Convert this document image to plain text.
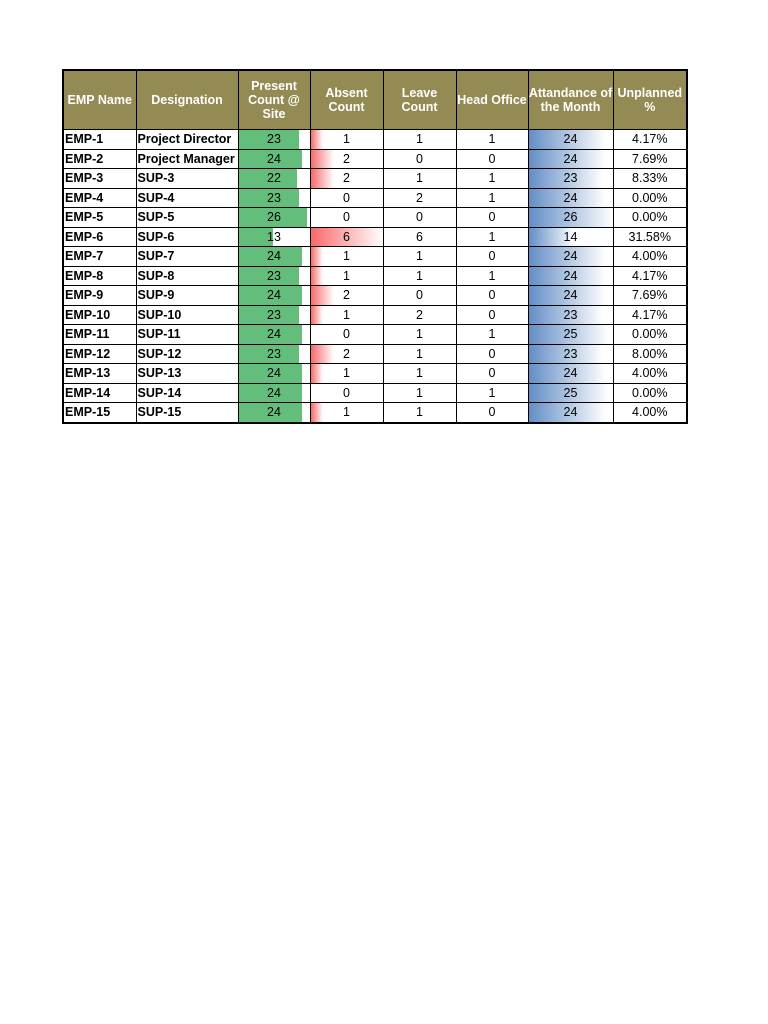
EMP Name	Designation	Present Count @ Site	Absent Count	Leave Count	Head Office	Attandance of the Month	Unplanned %
EMP-1	Project Director	23	1	1	1	24	4.17%
EMP-2	Project Manager	24	2	0	0	24	7.69%
EMP-3	SUP-3	22	2	1	1	23	8.33%
EMP-4	SUP-4	23	0	2	1	24	0.00%
EMP-5	SUP-5	26	0	0	0	26	0.00%
EMP-6	SUP-6	13	6	6	1	14	31.58%
EMP-7	SUP-7	24	1	1	0	24	4.00%
EMP-8	SUP-8	23	1	1	1	24	4.17%
EMP-9	SUP-9	24	2	0	0	24	7.69%
EMP-10	SUP-10	23	1	2	0	23	4.17%
EMP-11	SUP-11	24	0	1	1	25	0.00%
EMP-12	SUP-12	23	2	1	0	23	8.00%
EMP-13	SUP-13	24	1	1	0	24	4.00%
EMP-14	SUP-14	24	0	1	1	25	0.00%
EMP-15	SUP-15	24	1	1	0	24	4.00%
